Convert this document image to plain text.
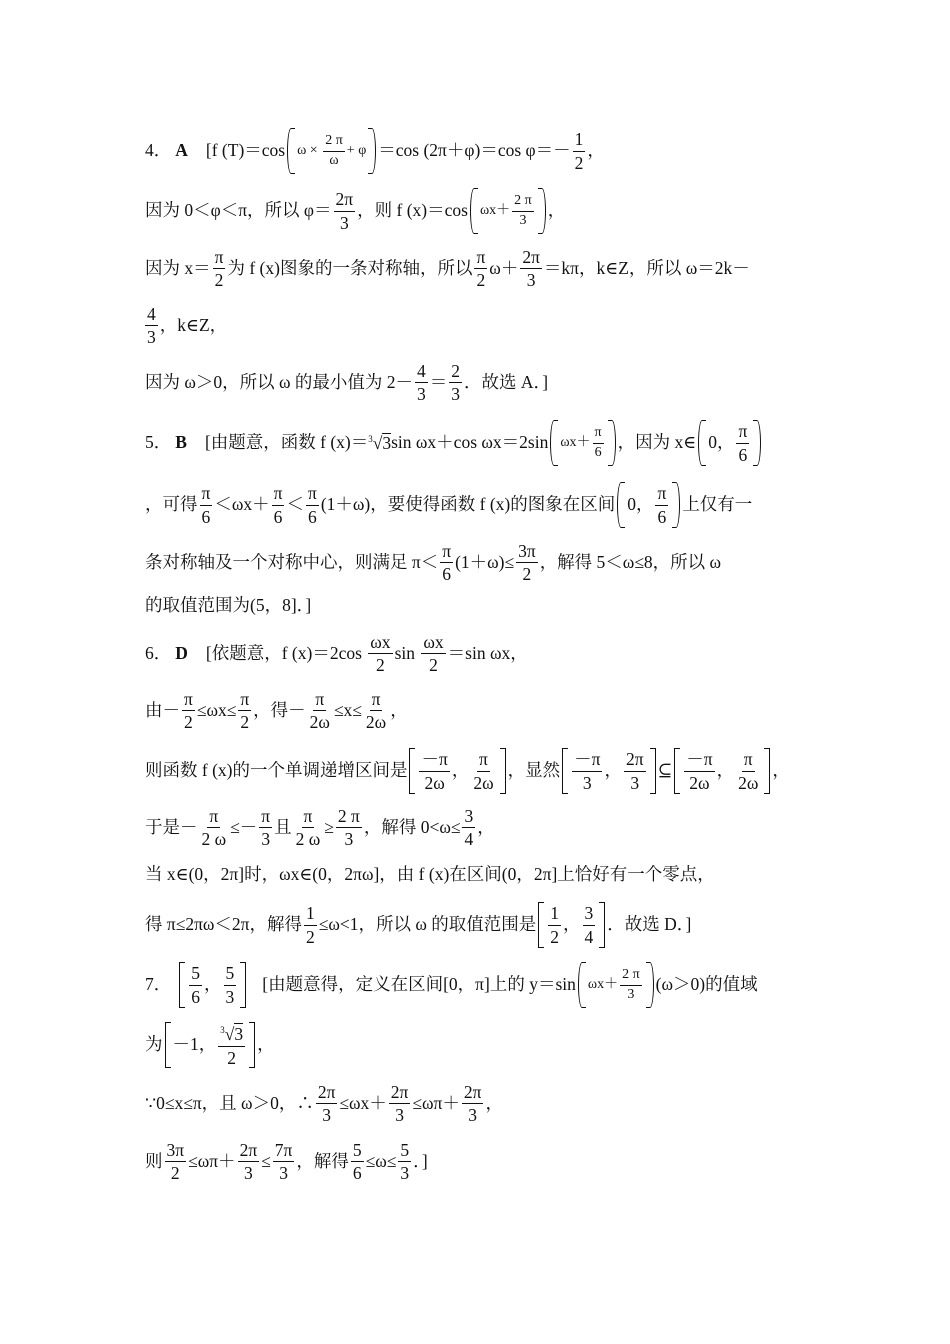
4． A [f (T)＝cos $\omega \times \frac{2 \pi}{\omega} + \varphi =\cos$ (2π＋φ)＝cos $\varphi=- \frac{1}{2}$ ，
因为 0＜φ＜π，所以 $\varphi= \frac{2\pi}{3}$ ，则 f (x)＝cos $\omega x+ \frac{2 \pi}{3}$ ，
因为 $x= \frac{\pi}{2}$ 为 f (x)图象的一条对称轴，所以 $\frac{\pi}{2} \omega+ \frac{2\pi}{3} =k\pi$，k∈Z，所以 ω＝2k－
$\frac{4}{3}$ ，k∈Z，
因为 ω＞0，所以 ω 的最小值为 $2- \frac{4}{3} = \frac{2}{3}$ ．故选 A．]
5． B [由题意，函数 f (x)＝ $^3$√3 sin ωx＋cos ωx＝2sin $\omega x+ \frac{\pi}{6}$ ，因为 x∈ 0， $\frac{\pi}{6}$
，可得 $\frac{\pi}{6} <\omega x+ \frac{\pi}{6} < \frac{\pi}{6} (1+\omega)$，要使得函数 f (x)的图象在区间 0， $\frac{\pi}{6}$ 上仅有一
条对称轴及一个对称中心，则满足 $\pi< \frac{\pi}{6} (1+\omega)\le \frac{3\pi}{2}$ ，解得 5＜ω≤8，所以 ω
的取值范围为(5，8]．]
6． D [依题意，f $(x)=2\cos \frac{\omega x}{2}$ $\sin \frac{\omega x}{2} =\sin$ ωx，
由－ $\frac{\pi}{2} \le\omega x\le \frac{\pi}{2}$ ，得－ $\frac{\pi}{2\omega} \le x\le \frac{\pi}{2\omega}$ ，
则函数 f (x)的一个单调递增区间是 $\frac{-\pi}{2\omega}$ ， $\frac{\pi}{2\omega}$ ，显然 $\frac{-\pi}{3}$ ， $\frac{2\pi}{3}$ ⊆ $\frac{-\pi}{2\omega}$ ， $\frac{\pi}{2\omega}$ ，
于是－ $\frac{\pi}{2 \omega} \le- \frac{\pi}{3}$ 且 $\frac{\pi}{2 \omega} \ge \frac{2 \pi}{3}$ ，解得 $0<\omega\le \frac{3}{4}$ ，
当 x∈(0，2π]时，ωx∈(0，2πω]，由 f (x)在区间(0，2π]上恰好有一个零点，
得 π≤2πω＜2π，解得 $\frac{1}{2} \le\omega<1$，所以 ω 的取值范围是 $\frac{1}{2}$ ， $\frac{3}{4}$ ．故选 D．]
7． $\frac{5}{6}$ ， $\frac{5}{3}$ [由题意得，定义在区间[0，π]上的 y＝sin $\omega x+ \frac{2 \pi}{3} (\omega>0)$的值域
为 －1， $\frac{^3√3}{2}$ ，
∵0≤x≤π，且 ω＞0，∴ $\frac{2\pi}{3} \le\omega x+ \frac{2\pi}{3} \le\omega\pi+ \frac{2\pi}{3}$ ，
则 $\frac{3\pi}{2} \le\omega\pi+ \frac{2\pi}{3} \le \frac{7\pi}{3}$ ，解得 $\frac{5}{6} \le\omega\le \frac{5}{3}$ ．]
